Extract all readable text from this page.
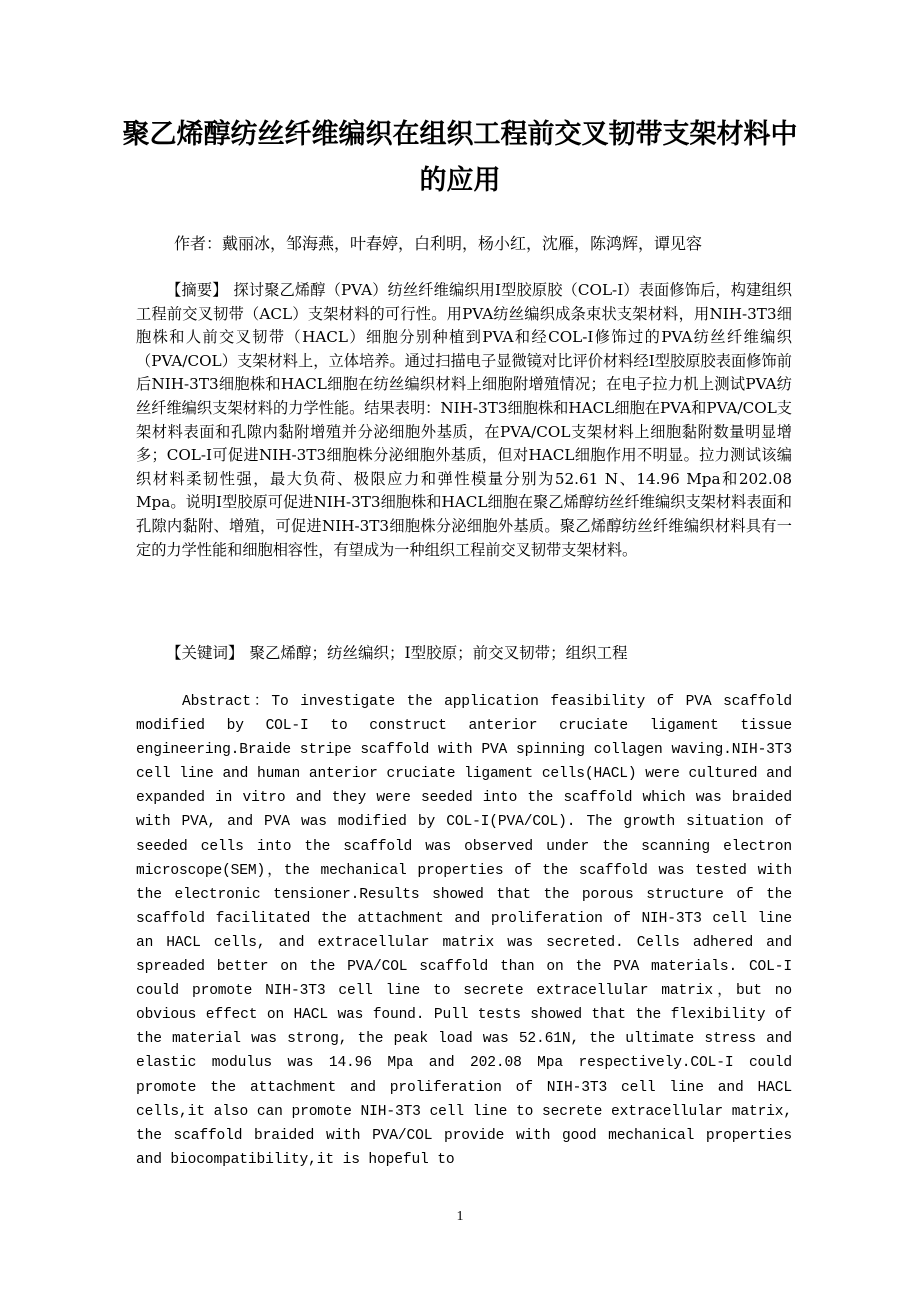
聚乙烯醇纺丝纤维编织在组织工程前交叉韧带支架材料中的应用
作者：戴丽冰，邹海燕，叶春婷，白利明，杨小红，沈雁，陈鸿辉，谭见容
【摘要】 探讨聚乙烯醇（PVA）纺丝纤维编织用Ⅰ型胶原胶（COL-I）表面修饰后，构建组织工程前交叉韧带（ACL）支架材料的可行性。用PVA纺丝编织成条束状支架材料，用NIH-3T3细胞株和人前交叉韧带（HACL）细胞分别种植到PVA和经COL-I修饰过的PVA纺丝纤维编织（PVA/COL）支架材料上，立体培养。通过扫描电子显微镜对比评价材料经Ⅰ型胶原胶表面修饰前后NIH-3T3细胞株和HACL细胞在纺丝编织材料上细胞附增殖情况；在电子拉力机上测试PVA纺丝纤维编织支架材料的力学性能。结果表明：NIH-3T3细胞株和HACL细胞在PVA和PVA/COL支架材料表面和孔隙内黏附增殖并分泌细胞外基质，在PVA/COL支架材料上细胞黏附数量明显增多；COL-I可促进NIH-3T3细胞株分泌细胞外基质，但对HACL细胞作用不明显。拉力测试该编织材料柔韧性强，最大负荷、极限应力和弹性模量分别为52.61 N、14.96 Mpa和202.08 Mpa。说明Ⅰ型胶原可促进NIH-3T3细胞株和HACL细胞在聚乙烯醇纺丝纤维编织支架材料表面和孔隙内黏附、增殖，可促进NIH-3T3细胞株分泌细胞外基质。聚乙烯醇纺丝纤维编织材料具有一定的力学性能和细胞相容性，有望成为一种组织工程前交叉韧带支架材料。
【关键词】 聚乙烯醇；纺丝编织；Ⅰ型胶原；前交叉韧带；组织工程
Abstract：To investigate the application feasibility of PVA scaffold modified by COL-I to construct anterior cruciate ligament tissue engineering.Braide stripe scaffold with PVA spinning collagen waving.NIH-3T3 cell line and human anterior cruciate ligament cells(HACL) were cultured and expanded in vitro and they were seeded into the scaffold which was braided with PVA, and PVA was modified by COL-I(PVA/COL). The growth situation of seeded cells into the scaffold was observed under the scanning electron microscope(SEM)，the mechanical properties of the scaffold was tested with the electronic tensioner.Results showed that the porous structure of the scaffold facilitated the attachment and proliferation of NIH-3T3 cell line an HACL cells, and extracellular matrix was secreted. Cells adhered and spreaded better on the PVA/COL scaffold than on the PVA materials. COL-I could promote NIH-3T3 cell line to secrete extracellular matrix，but no obvious effect on HACL was found. Pull tests showed that the flexibility of the material was strong, the peak load was 52.61N, the ultimate stress and elastic modulus was 14.96 Mpa and 202.08 Mpa respectively.COL-I could promote the attachment and proliferation of NIH-3T3 cell line and HACL cells,it also can promote NIH-3T3 cell line to secrete extracellular matrix, the scaffold braided with PVA/COL provide with good mechanical properties and biocompatibility,it is hopeful to
1
